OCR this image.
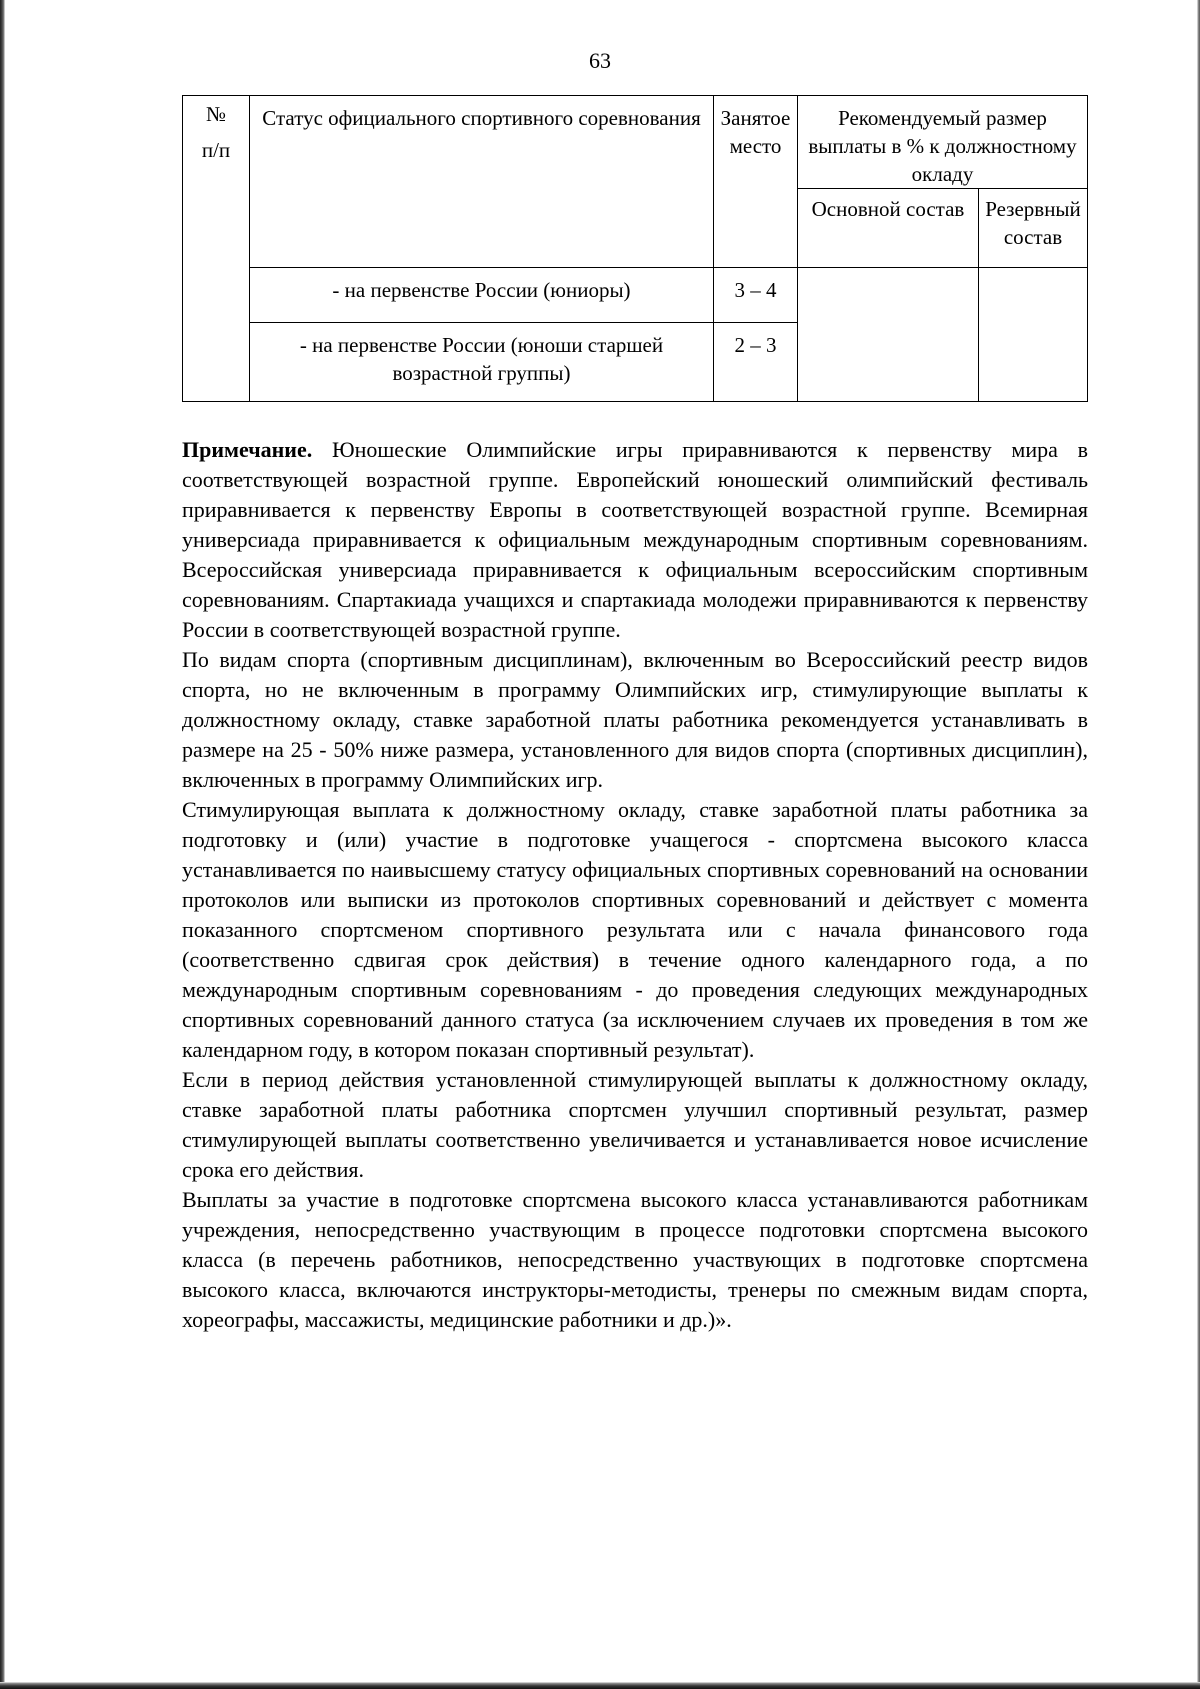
63
№
п/п	Статус официального спортивного соревнования	Занятое место	Рекомендуемый размер выплаты в % к должностному окладу	

			Основной состав	Резервный состав

	- на первенстве России (юниоры)	3 – 4		

	- на первенстве России (юноши старшей возрастной группы)	2 – 3		

Примечание. Юношеские Олимпийские игры приравниваются к первенству мира в соответствующей возрастной группе. Европейский юношеский олимпийский фестиваль приравнивается к первенству Европы в соответствующей возрастной группе. Всемирная универсиада приравнивается к официальным международным спортивным соревнованиям. Всероссийская универсиада приравнивается к официальным всероссийским спортивным соревнованиям. Спартакиада учащихся и спартакиада молодежи приравниваются к первенству России в соответствующей возрастной группе.

По видам спорта (спортивным дисциплинам), включенным во Всероссийский реестр видов спорта, но не включенным в программу Олимпийских игр, стимулирующие выплаты к должностному окладу, ставке заработной платы работника рекомендуется устанавливать в размере на 25 - 50% ниже размера, установленного для видов спорта (спортивных дисциплин), включенных в программу Олимпийских игр.

Стимулирующая выплата к должностному окладу, ставке заработной платы работника за подготовку и (или) участие в подготовке учащегося - спортсмена высокого класса устанавливается по наивысшему статусу официальных спортивных соревнований на основании протоколов или выписки из протоколов спортивных соревнований и действует с момента показанного спортсменом спортивного результата или с начала финансового года (соответственно сдвигая срок действия) в течение одного календарного года, а по международным спортивным соревнованиям - до проведения следующих международных спортивных соревнований данного статуса (за исключением случаев их проведения в том же календарном году, в котором показан спортивный результат).

Если в период действия установленной стимулирующей выплаты к должностному окладу, ставке заработной платы работника спортсмен улучшил спортивный результат, размер стимулирующей выплаты соответственно увеличивается и устанавливается новое исчисление срока его действия.

Выплаты за участие в подготовке спортсмена высокого класса устанавливаются работникам учреждения, непосредственно участвующим в процессе подготовки спортсмена высокого класса (в перечень работников, непосредственно участвующих в подготовке спортсмена высокого класса, включаются инструкторы-методисты, тренеры по смежным видам спорта, хореографы, массажисты, медицинские работники и др.)».
